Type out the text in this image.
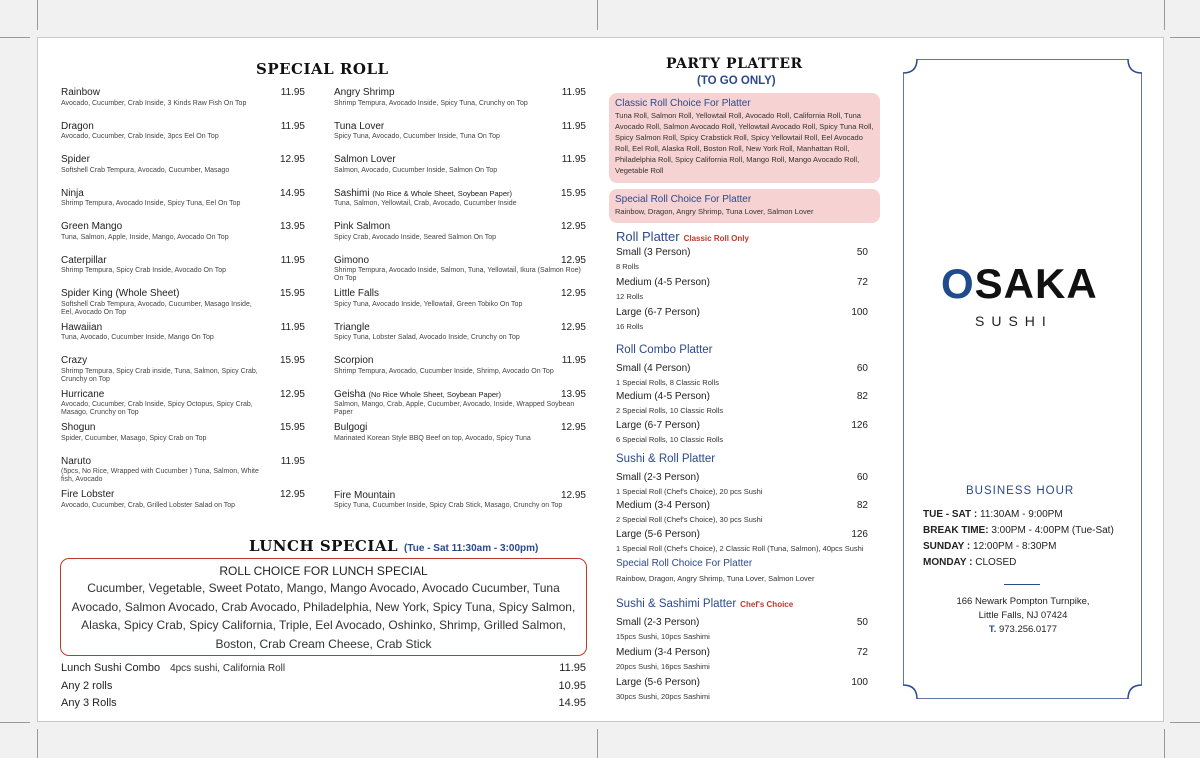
SPECIAL ROLL
Rainbow	11.95
Avocado, Cucumber, Crab Inside, 3 Kinds Raw Fish On Top
Dragon	11.95
Avocado, Cucumber, Crab Inside, 3pcs Eel On Top
Spider	12.95
Softshell Crab Tempura, Avocado, Cucumber, Masago
Ninja	14.95
Shrimp Tempura, Avocado Inside, Spicy Tuna, Eel On Top
Green Mango	13.95
Tuna, Salmon, Apple, Inside, Mango, Avocado On Top
Caterpillar	11.95
Shrimp Tempura, Spicy Crab Inside, Avocado On Top
Spider King (Whole Sheet)	15.95
Softshell Crab Tempura, Avocado, Cucumber, Masago Inside, Eel, Avocado On Top
Hawaiian	11.95
Tuna, Avocado, Cucumber Inside, Mango On Top
Crazy	15.95
Shrimp Tempura, Spicy Crab inside, Tuna, Salmon, Spicy Crab, Crunchy on Top
Hurricane	12.95
Avocado, Cucumber, Crab Inside, Spicy Octopus, Spicy Crab, Masago, Crunchy on Top
Shogun	15.95
Spider, Cucumber, Masago, Spicy Crab on Top
Naruto	11.95
(5pcs, No Rice, Wrapped with Cucumber ) Tuna, Salmon, White fish, Avocado
Fire Lobster	12.95
Avocado, Cucumber, Crab, Grilled Lobster Salad on Top
Angry Shrimp	11.95
Shrimp Tempura, Avocado Inside, Spicy Tuna, Crunchy on Top
Tuna Lover	11.95
Spicy Tuna, Avocado, Cucumber Inside, Tuna On Top
Salmon Lover	11.95
Salmon, Avocado, Cucumber Inside, Salmon On Top
Sashimi (No Rice & Whole Sheet, Soybean Paper)	15.95
Tuna, Salmon, Yellowtail, Crab, Avocado, Cucumber Inside
Pink Salmon	12.95
Spicy Crab, Avocado Inside, Seared Salmon On Top
Gimono	12.95
Shrimp Tempura, Avocado Inside, Salmon, Tuna, Yellowtail, Ikura (Salmon Roe) On Top
Little Falls	12.95
Spicy Tuna, Avocado Inside, Yellowtail, Green Tobiko On Top
Triangle	12.95
Spicy Tuna, Lobster Salad, Avocado Inside, Crunchy on Top
Scorpion	11.95
Shrimp Tempura, Avocado, Cucumber Inside, Shrimp, Avocado On Top
Geisha (No Rice Whole Sheet, Soybean Paper)	13.95
Salmon, Mango, Crab, Apple, Cucumber, Avocado, Inside, Wrapped Soybean Paper
Bulgogi	12.95
Marinated Korean Style BBQ Beef on top, Avocado, Spicy Tuna
Fire Mountain	12.95
Spicy Tuna, Cucumber Inside, Spicy Crab Stick, Masago, Crunchy on Top
LUNCH SPECIAL (Tue - Sat 11:30am - 3:00pm)
ROLL CHOICE FOR LUNCH SPECIAL
Cucumber, Vegetable, Sweet Potato, Mango, Mango Avocado, Avocado Cucumber, Tuna Avocado, Salmon Avocado, Crab Avocado, Philadelphia, New York, Spicy Tuna, Spicy Salmon, Alaska, Spicy Crab, Spicy California, Triple, Eel Avocado, Oshinko, Shrimp, Grilled Salmon, Boston, Crab Cream Cheese, Crab Stick
Lunch Sushi Combo 4pcs sushi, California Roll	11.95
Any 2 rolls	10.95
Any 3 Rolls	14.95
PARTY PLATTER
(TO GO ONLY)
Classic Roll Choice For Platter
Tuna Roll, Salmon Roll, Yellowtail Roll, Avocado Roll, California Roll, Tuna Avocado Roll, Salmon Avocado Roll, Yellowtail Avocado Roll, Spicy Tuna Roll, Spicy Salmon Roll, Spicy Crabstick Roll, Spicy Yellowtail Roll, Eel Avocado Roll, Eel Roll, Alaska Roll, Boston Roll, New York Roll, Manhattan Roll, Philadelphia Roll, Spicy California Roll, Mango Roll, Mango Avocado Roll, Vegetable Roll
Special Roll Choice For Platter
Rainbow, Dragon, Angry Shrimp, Tuna Lover, Salmon Lover
Roll Platter Classic Roll Only
Small (3 Person)	50
8 Rolls
Medium (4-5 Person)	72
12 Rolls
Large (6-7 Person)	100
16 Rolls
Roll Combo Platter
Small (4 Person)	60
1 Special Rolls, 8 Classic Rolls
Medium (4-5 Person)	82
2 Special Rolls, 10 Classic Rolls
Large (6-7 Person)	126
6 Special Rolls, 10 Classic Rolls
Sushi & Roll Platter
Small (2-3 Person)	60
1 Special Roll (Chef's Choice), 20 pcs Sushi
Medium (3-4 Person)	82
2 Special Roll (Chef's Choice), 30 pcs Sushi
Large (5-6 Person)	126
1 Special Roll (Chef's Choice), 2 Classic Roll (Tuna, Salmon), 40pcs Sushi
Special Roll Choice For Platter
Rainbow, Dragon, Angry Shrimp, Tuna Lover, Salmon Lover
Sushi & Sashimi Platter Chef's Choice
Small (2-3 Person)	50
15pcs Sushi, 10pcs Sashimi
Medium (3-4 Person)	72
20pcs Sushi, 16pcs Sashimi
Large (5-6 Person)	100
30pcs Sushi, 20pcs Sashimi
OSAKA
SUSHI
BUSINESS HOUR
TUE - SAT : 11:30AM - 9:00PM
BREAK TIME: 3:00PM - 4:00PM (Tue-Sat)
SUNDAY : 12:00PM - 8:30PM
MONDAY : CLOSED
166 Newark Pompton Turnpike,
Little Falls, NJ 07424
T. 973.256.0177
